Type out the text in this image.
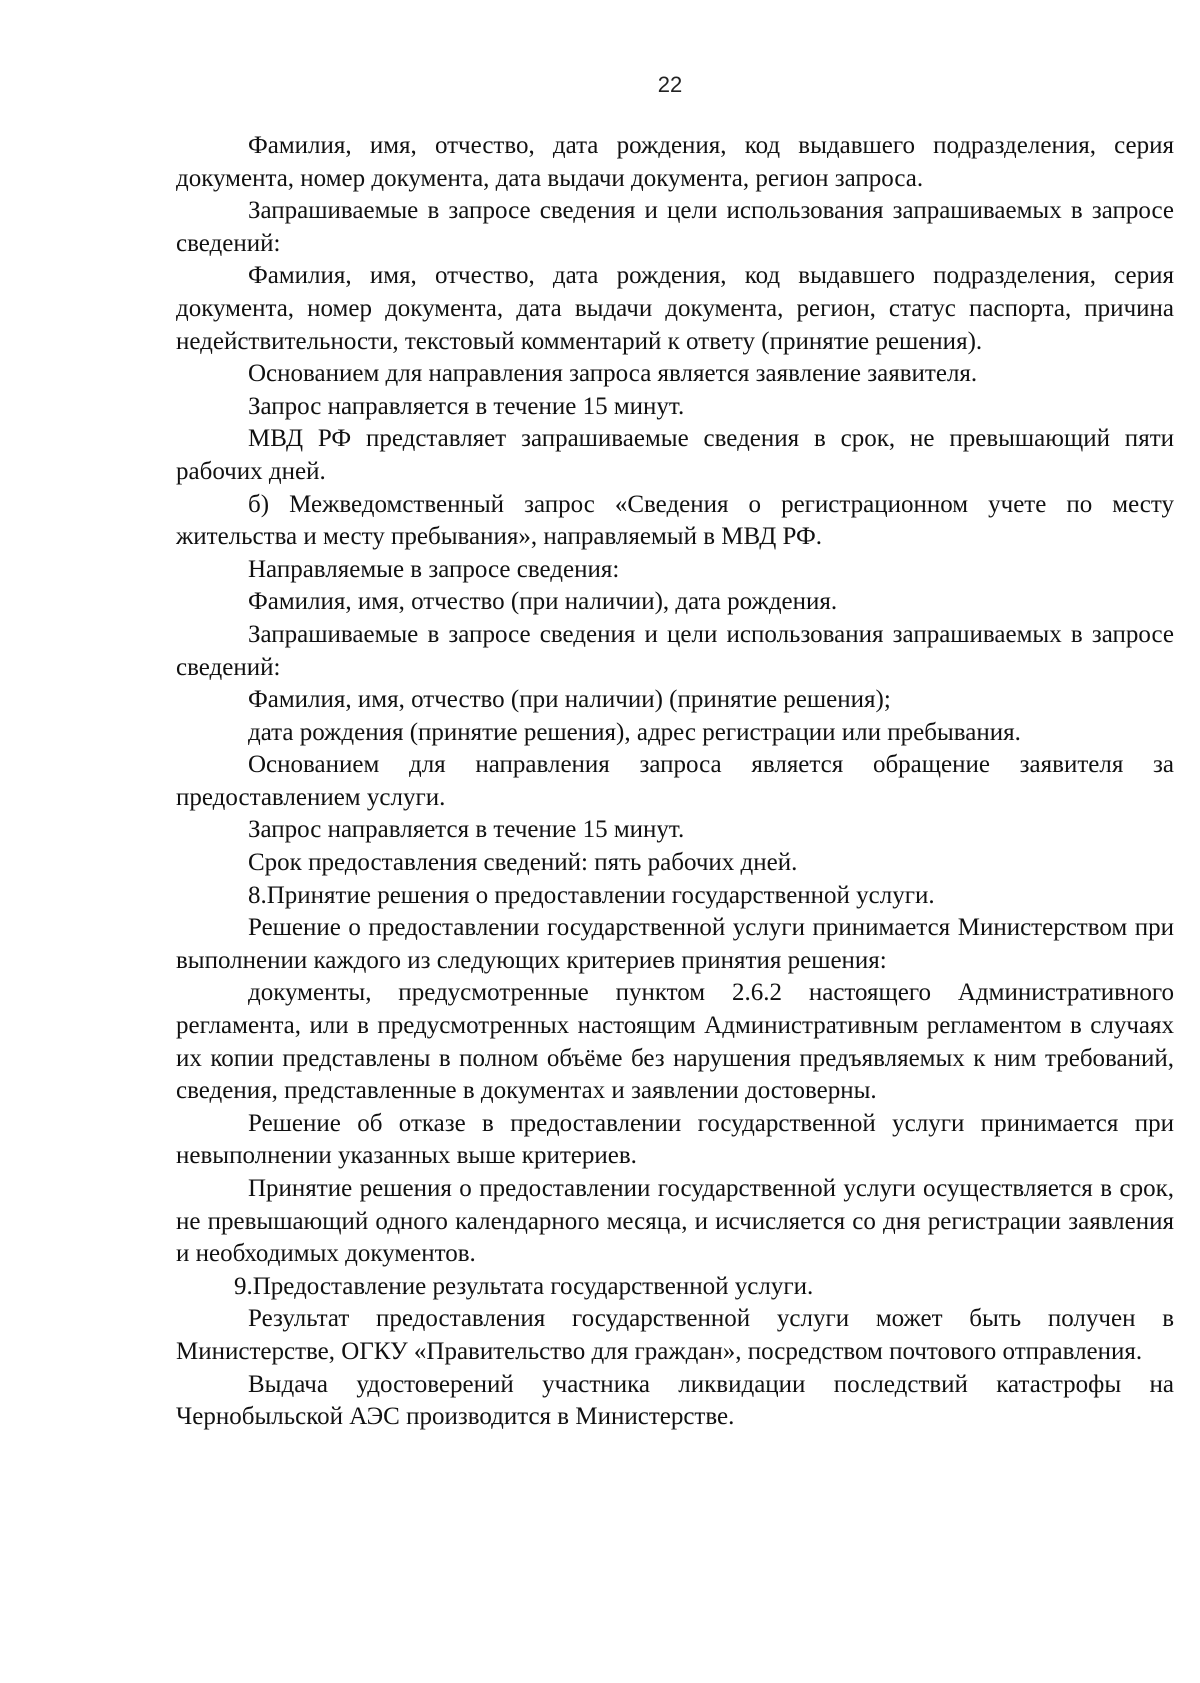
22

Фамилия, имя, отчество, дата рождения, код выдавшего подразделения, серия документа, номер документа, дата выдачи документа, регион запроса.

Запрашиваемые в запросе сведения и цели использования запрашиваемых в запросе сведений:

Фамилия, имя, отчество, дата рождения, код выдавшего подразделения, серия документа, номер документа, дата выдачи документа, регион, статус паспорта, причина недействительности, текстовый комментарий к ответу (принятие решения).

Основанием для направления запроса является заявление заявителя.

Запрос направляется в течение 15 минут.

МВД РФ представляет запрашиваемые сведения в срок, не превышающий пяти рабочих дней.

б) Межведомственный запрос «Сведения о регистрационном учете по месту жительства и месту пребывания», направляемый в МВД РФ.

Направляемые в запросе сведения:

Фамилия, имя, отчество (при наличии), дата рождения.

Запрашиваемые в запросе сведения и цели использования запрашиваемых в запросе сведений:

Фамилия, имя, отчество (при наличии) (принятие решения);

дата рождения (принятие решения), адрес регистрации или пребывания.

Основанием для направления запроса является обращение заявителя за предоставлением услуги.

Запрос направляется в течение 15 минут.

Срок предоставления сведений: пять рабочих дней.

8.Принятие решения о предоставлении государственной услуги.

Решение о предоставлении государственной услуги принимается Министерством при выполнении каждого из следующих критериев принятия решения:

документы, предусмотренные пунктом 2.6.2 настоящего Административного регламента, или в предусмотренных настоящим Административным регламентом в случаях их копии представлены в полном объёме без нарушения предъявляемых к ним требований, сведения, представленные в документах и заявлении достоверны.

Решение об отказе в предоставлении государственной услуги принимается при невыполнении указанных выше критериев.

Принятие решения о предоставлении государственной услуги осуществляется в срок, не превышающий одного календарного месяца, и исчисляется со дня регистрации заявления и необходимых документов.

9.Предоставление результата государственной услуги.

Результат предоставления государственной услуги может быть получен в Министерстве, ОГКУ «Правительство для граждан», посредством почтового отправления.

Выдача удостоверений участника ликвидации последствий катастрофы на Чернобыльской АЭС производится в Министерстве.
